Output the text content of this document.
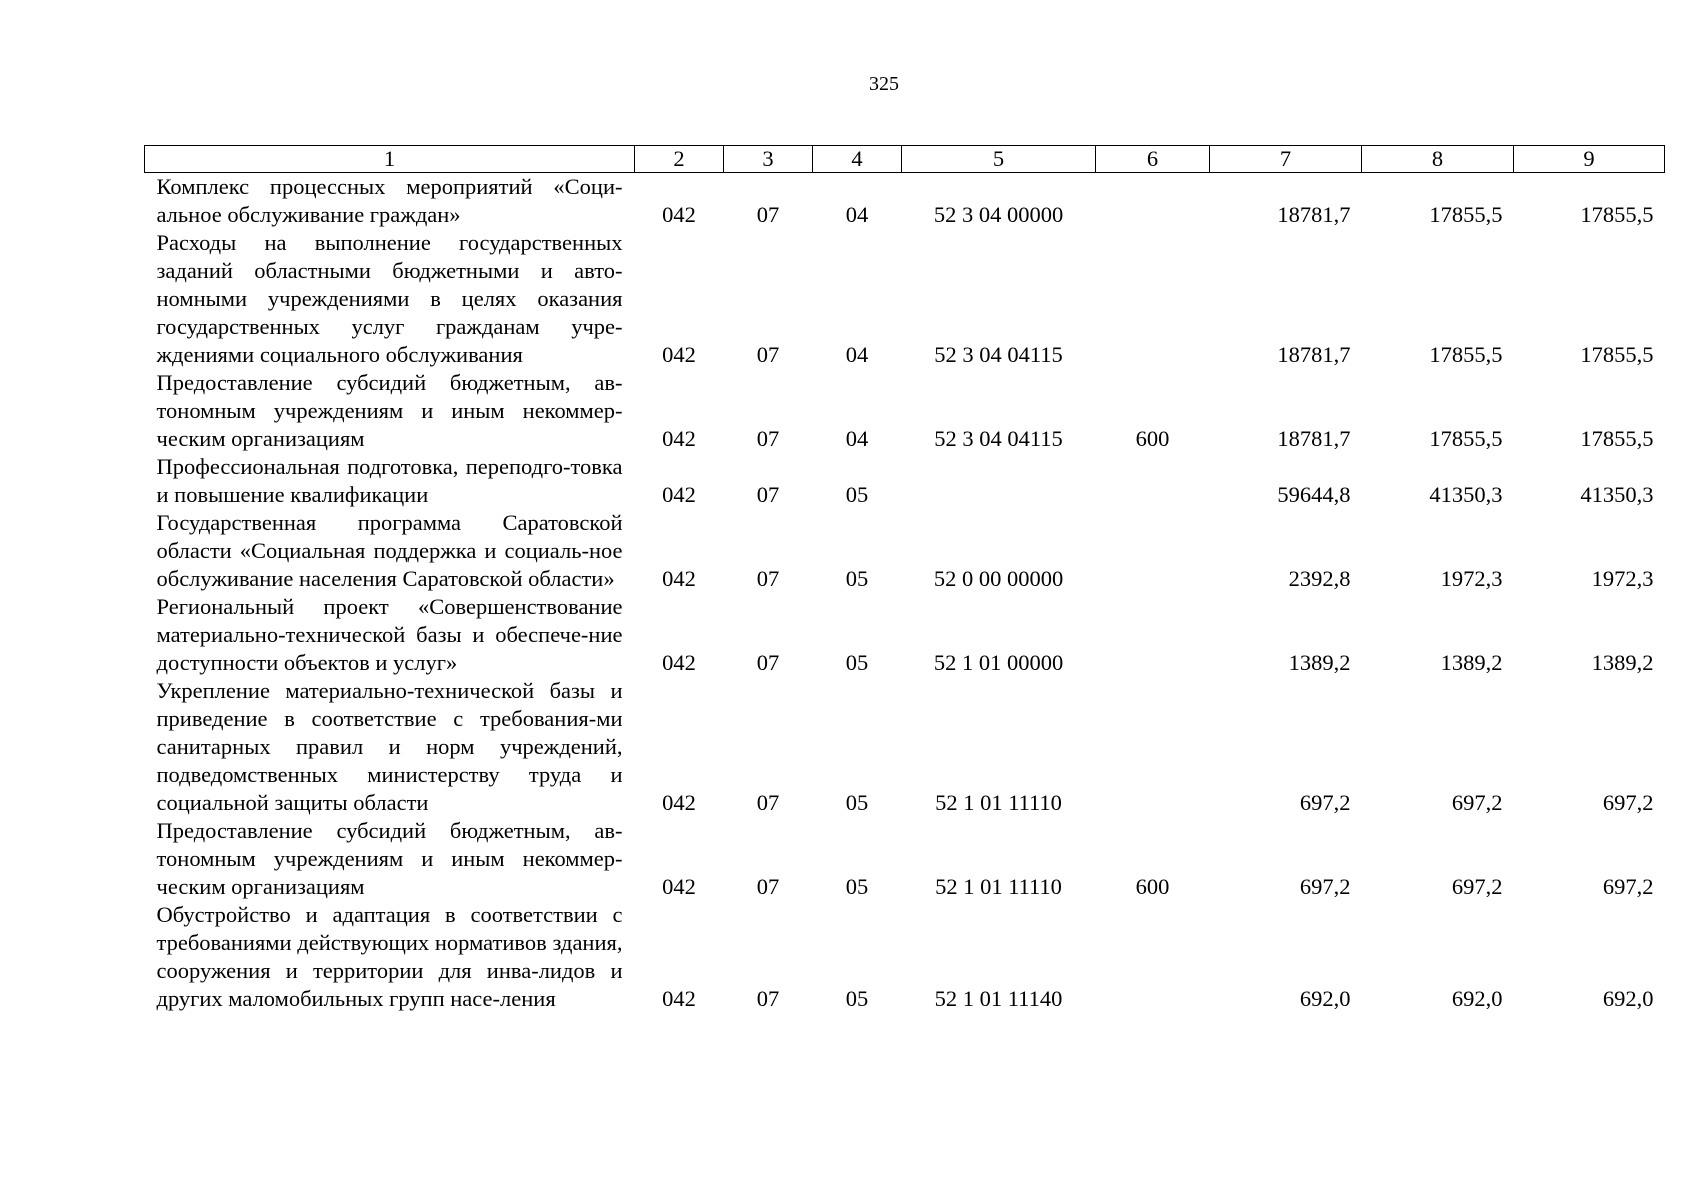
325
1	2	3	4	5	6	7	8	9
Комплекс процессных мероприятий «Соци-альное обслуживание граждан»	042	07	04	52 3 04 00000		18781,7	17855,5	17855,5
Расходы на выполнение государственных заданий областными бюджетными и авто-номными учреждениями в целях оказания государственных услуг гражданам учре-ждениями социального обслуживания	042	07	04	52 3 04 04115		18781,7	17855,5	17855,5
Предоставление субсидий бюджетным, ав-тономным учреждениям и иным некоммер-ческим организациям	042	07	04	52 3 04 04115	600	18781,7	17855,5	17855,5
Профессиональная подготовка, переподго-товка и повышение квалификации	042	07	05			59644,8	41350,3	41350,3
Государственная программа Саратовской области «Социальная поддержка и социаль-ное обслуживание населения Саратовской области»	042	07	05	52 0 00 00000		2392,8	1972,3	1972,3
Региональный проект «Совершенствование материально-технической базы и обеспече-ние доступности объектов и услуг»	042	07	05	52 1 01 00000		1389,2	1389,2	1389,2
Укрепление материально-технической базы и приведение в соответствие с требования-ми санитарных правил и норм учреждений, подведомственных министерству труда и социальной защиты области	042	07	05	52 1 01 11110		697,2	697,2	697,2
Предоставление субсидий бюджетным, ав-тономным учреждениям и иным некоммер-ческим организациям	042	07	05	52 1 01 11110	600	697,2	697,2	697,2
Обустройство и адаптация в соответствии с требованиями действующих нормативов здания, сооружения и территории для инва-лидов и других маломобильных групп насе-ления	042	07	05	52 1 01 11140		692,0	692,0	692,0
